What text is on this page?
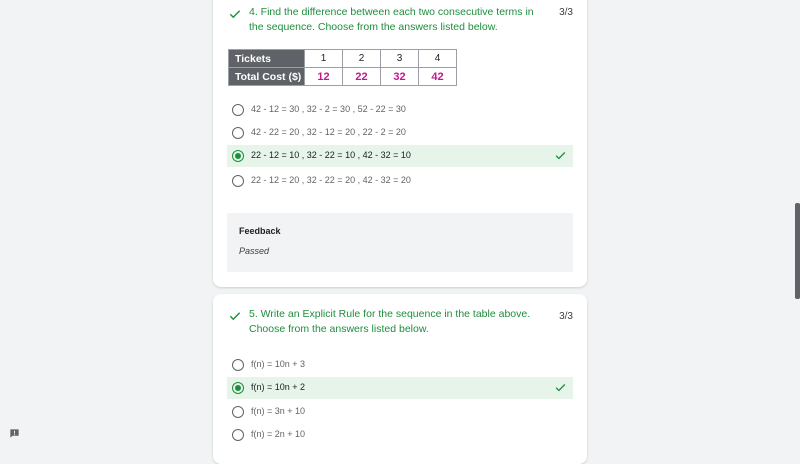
4. Find the difference between each two consecutive terms in the sequence. Choose from the answers listed below.
3/3
Tickets	1	2	3	4
Total Cost ($)	12	22	32	42
42 - 12 = 30 , 32 - 2 = 30 , 52 - 22 = 30
42 - 22 = 20 , 32 - 12 = 20 , 22 - 2 = 20
22 - 12 = 10 , 32 - 22 = 10 , 42 - 32 = 10
22 - 12 = 20 , 32 - 22 = 20 , 42 - 32 = 20
Feedback
Passed
5. Write an Explicit Rule for the sequence in the table above. Choose from the answers listed below.
3/3
f(n) = 10n + 3
f(n) = 10n + 2
f(n) = 3n + 10
f(n) = 2n + 10
